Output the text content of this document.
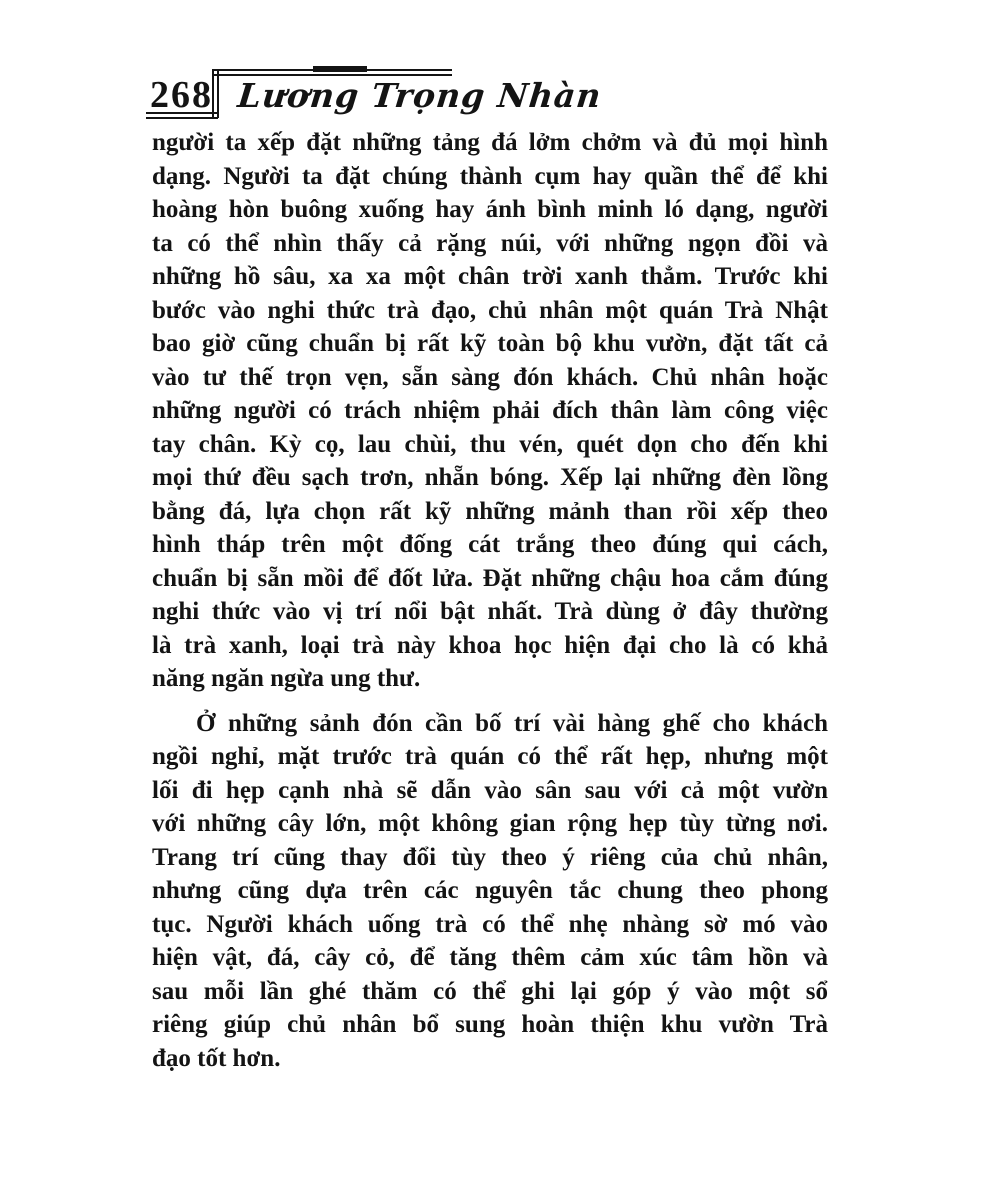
268 Lương Trọng Nhàn
người ta xếp đặt những tảng đá lởm chởm và đủ mọi hình
dạng. Người ta đặt chúng thành cụm hay quần thể để khi
hoàng hòn buông xuống hay ánh bình minh ló dạng, người
ta có thể nhìn thấy cả rặng núi, với những ngọn đồi và
những hồ sâu, xa xa một chân trời xanh thẳm. Trước khi
bước vào nghi thức trà đạo, chủ nhân một quán Trà Nhật
bao giờ cũng chuẩn bị rất kỹ toàn bộ khu vườn, đặt tất cả
vào tư thế trọn vẹn, sẵn sàng đón khách. Chủ nhân hoặc
những người có trách nhiệm phải đích thân làm công việc
tay chân. Kỳ cọ, lau chùi, thu vén, quét dọn cho đến khi
mọi thứ đều sạch trơn, nhẵn bóng. Xếp lại những đèn lồng
bằng đá, lựa chọn rất kỹ những mảnh than rồi xếp theo
hình tháp trên một đống cát trắng theo đúng qui cách,
chuẩn bị sẵn mồi để đốt lửa. Đặt những chậu hoa cắm đúng
nghi thức vào vị trí nổi bật nhất. Trà dùng ở đây thường
là trà xanh, loại trà này khoa học hiện đại cho là có khả
năng ngăn ngừa ung thư.
Ở những sảnh đón cần bố trí vài hàng ghế cho khách
ngồi nghỉ, mặt trước trà quán có thể rất hẹp, nhưng một
lối đi hẹp cạnh nhà sẽ dẫn vào sân sau với cả một vườn
với những cây lớn, một không gian rộng hẹp tùy từng nơi.
Trang trí cũng thay đổi tùy theo ý riêng của chủ nhân,
nhưng cũng dựa trên các nguyên tắc chung theo phong
tục. Người khách uống trà có thể nhẹ nhàng sờ mó vào
hiện vật, đá, cây cỏ, để tăng thêm cảm xúc tâm hồn và
sau mỗi lần ghé thăm có thể ghi lại góp ý vào một sổ
riêng giúp chủ nhân bổ sung hoàn thiện khu vườn Trà
đạo tốt hơn.
